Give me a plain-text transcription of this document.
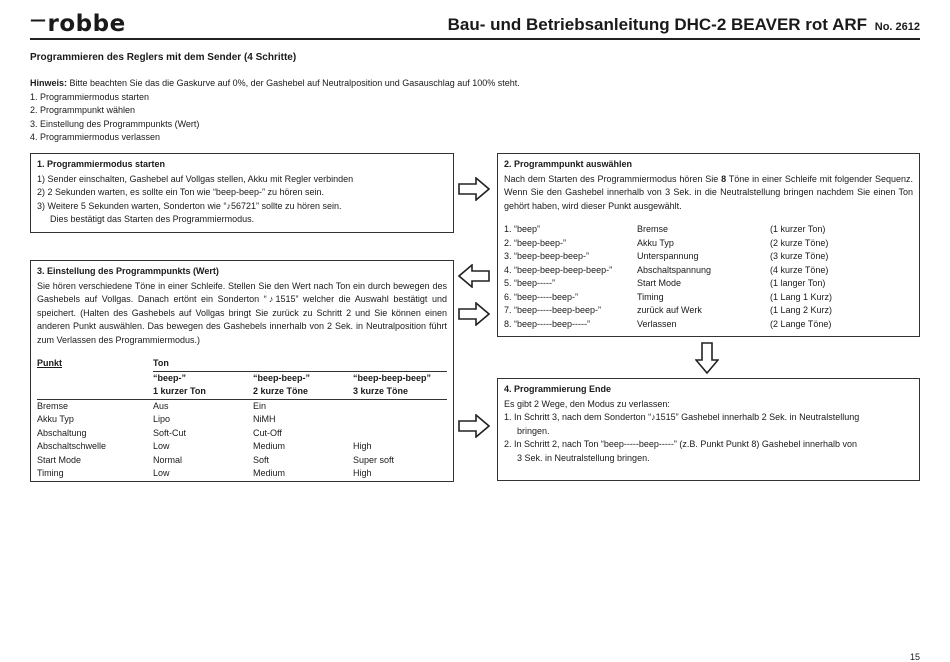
—robbe	Bau- und Betriebsanleitung DHC-2 BEAVER rot ARF No. 2612
Programmieren des Reglers mit dem Sender (4 Schritte)
Hinweis: Bitte beachten Sie das die Gaskurve auf 0%, der Gashebel auf Neutralposition und Gasauschlag auf 100% steht.
1. Programmiermodus starten
2. Programmpunkt wählen
3. Einstellung des Programmpunkts (Wert)
4. Programmiermodus verlassen
1. Programmiermodus starten

1) Sender einschalten, Gashebel auf Vollgas stellen, Akku mit Regler verbinden

2) 2 Sekunden warten, es sollte ein Ton wie “beep-beep-” zu hören sein.

3) Weitere 5 Sekunden warten, Sonderton wie “♪56721” sollte zu hören sein.

Dies bestätigt das Starten des Programmiermodus.

2. Programmpunkt auswählen

Nach dem Starten des Programmiermodus hören Sie 8 Töne in einer Schleife mit folgender Sequenz. Wenn Sie den Gashebel innerhalb von 3 Sek. in die Neutralstellung bringen nachdem Sie einen Ton gehört haben, wird dieser Punkt ausgewählt.

1. “beep”	Bremse	(1 kurzer Ton)
2. “beep-beep-”	Akku Typ	(2 kurze Töne)
3. “beep-beep-beep-”	Unterspannung	(3 kurze Töne)
4. “beep-beep-beep-beep-”	Abschaltspannung	(4 kurze Töne)
5. “beep-----”	Start Mode	(1 langer Ton)
6. “beep-----beep-”	Timing	(1 Lang 1 Kurz)
7. “beep-----beep-beep-”	zurück auf Werk	(1 Lang 2 Kurz)
8. “beep-----beep-----”	Verlassen	(2 Lange Töne)
3. Einstellung des Programmpunkts (Wert)

Sie hören verschiedene Töne in einer Schleife. Stellen Sie den Wert nach Ton ein durch bewegen des Gashebels auf Vollgas. Danach ertönt ein Sonderton “♪1515” welcher die Auswahl bestätigt und speichert. (Halten des Gashebels auf Vollgas bringt Sie zurück zu Schritt 2 und Sie können einen anderen Punkt auswählen. Das bewegen des Gashebels innerhalb von 2 Sek. in Neutralposition führt zum Verlassen des Programmiermodus.)

Punkt	Ton		
	“beep-”	“beep-beep-”	“beep-beep-beep”
	1 kurzer Ton	2 kurze Töne	3 kurze Töne
Bremse	Aus	Ein	
Akku Typ	Lipo	NiMH	
Abschaltung	Soft-Cut	Cut-Off	
Abschaltschwelle	Low	Medium	High
Start Mode	Normal	Soft	Super soft
Timing	Low	Medium	High
4. Programmierung Ende

Es gibt 2 Wege, den Modus zu verlassen:

1. In Schritt 3, nach dem Sonderton “♪1515” Gashebel innerhalb 2 Sek. in Neutralstellung

bringen.

2. In Schritt 2, nach Ton “beep-----beep-----” (z.B. Punkt Punkt 8) Gashebel innerhalb von

3 Sek. in Neutralstellung bringen.

15
